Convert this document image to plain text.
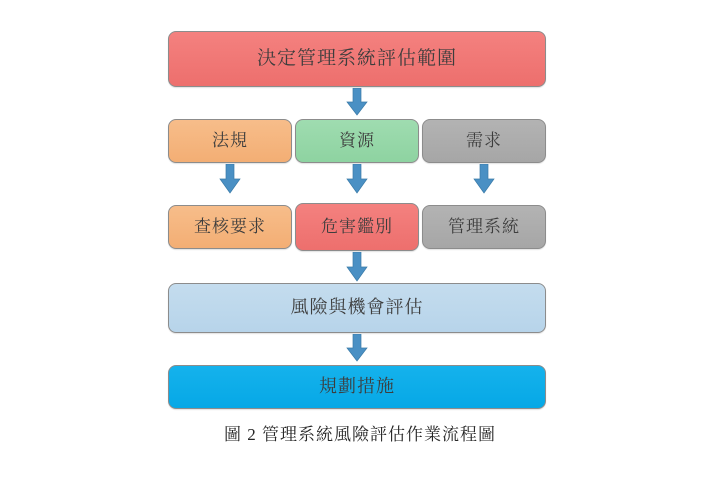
決定管理系統評估範圍
法規	資源	需求
查核要求	危害鑑別	管理系統
風險與機會評估
規劃措施
圖 2 管理系統風險評估作業流程圖
